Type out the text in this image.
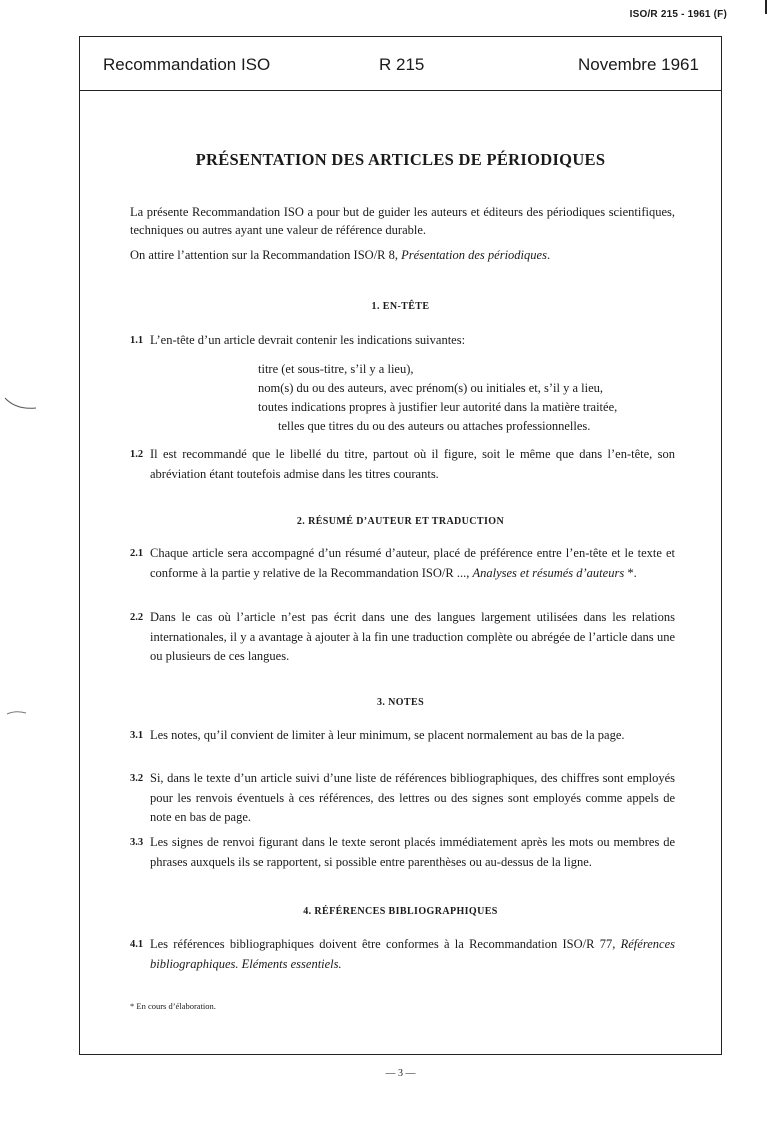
ISO/R 215 - 1961 (F)
Recommandation ISO	R 215	Novembre 1961
PRÉSENTATION DES ARTICLES DE PÉRIODIQUES
La présente Recommandation ISO a pour but de guider les auteurs et éditeurs des périodiques scientifiques, techniques ou autres ayant une valeur de référence durable.
On attire l’attention sur la Recommandation ISO/R 8, Présentation des périodiques.
1. EN-TÊTE
1.1 L’en-tête d’un article devrait contenir les indications suivantes:
titre (et sous-titre, s’il y a lieu),
nom(s) du ou des auteurs, avec prénom(s) ou initiales et, s’il y a lieu,
toutes indications propres à justifier leur autorité dans la matière traitée,
telles que titres du ou des auteurs ou attaches professionnelles.
1.2 Il est recommandé que le libellé du titre, partout où il figure, soit le même que dans l’en-tête, son abréviation étant toutefois admise dans les titres courants.
2. RÉSUMÉ D’AUTEUR ET TRADUCTION
2.1 Chaque article sera accompagné d’un résumé d’auteur, placé de préférence entre l’en-tête et le texte et conforme à la partie y relative de la Recommandation ISO/R ..., Analyses et résumés d’auteurs *.
2.2 Dans le cas où l’article n’est pas écrit dans une des langues largement utilisées dans les relations internationales, il y a avantage à ajouter à la fin une traduction complète ou abrégée de l’article dans une ou plusieurs de ces langues.
3. NOTES
3.1 Les notes, qu’il convient de limiter à leur minimum, se placent normalement au bas de la page.
3.2 Si, dans le texte d’un article suivi d’une liste de références bibliographiques, des chiffres sont employés pour les renvois éventuels à ces références, des lettres ou des signes sont employés comme appels de note en bas de page.
3.3 Les signes de renvoi figurant dans le texte seront placés immédiatement après les mots ou membres de phrases auxquels ils se rapportent, si possible entre parenthèses ou au-dessus de la ligne.
4. RÉFÉRENCES BIBLIOGRAPHIQUES
4.1 Les références bibliographiques doivent être conformes à la Recommandation ISO/R 77, Références bibliographiques. Eléments essentiels.
* En cours d’élaboration.
— 3 —
